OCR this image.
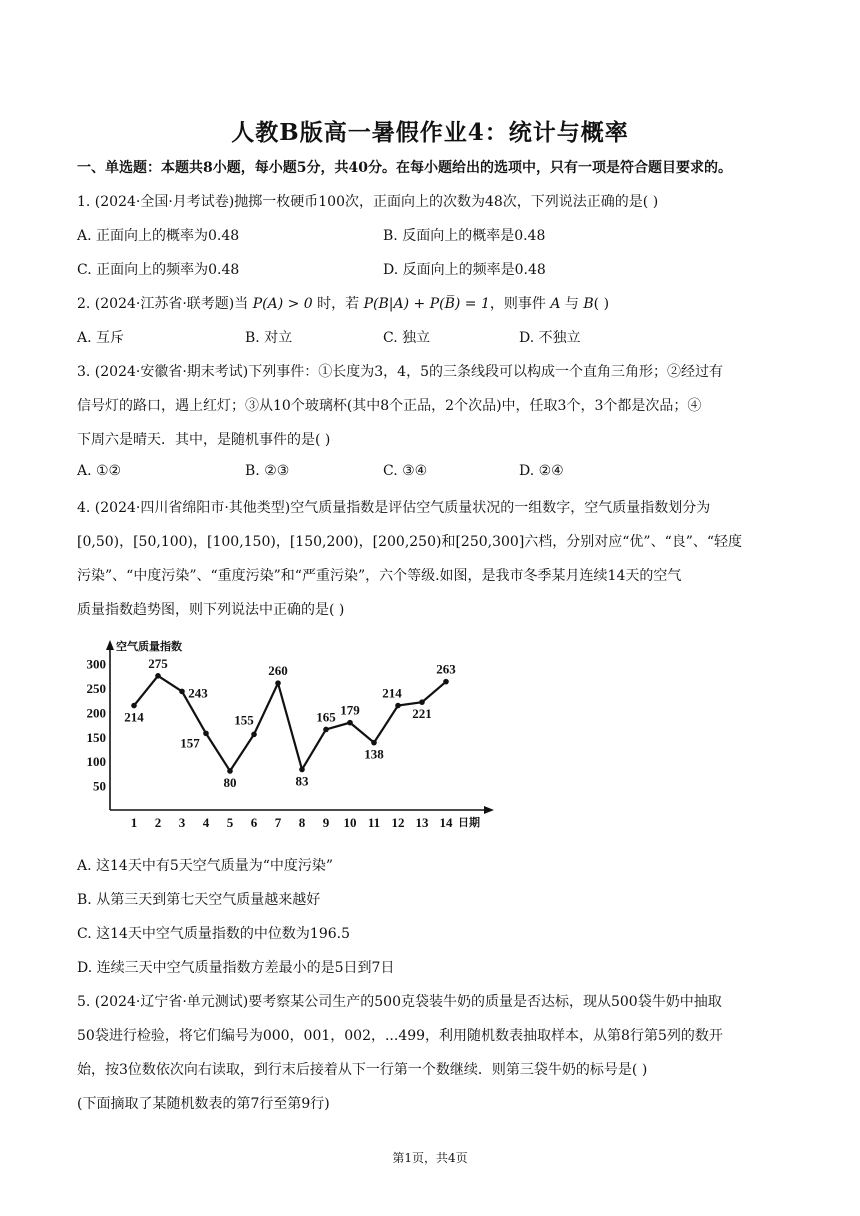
人教B版高一暑假作业4：统计与概率
一、单选题：本题共8小题，每小题5分，共40分。在每小题给出的选项中，只有一项是符合题目要求的。
1. (2024·全国·月考试卷)抛掷一枚硬币100次，正面向上的次数为48次，下列说法正确的是( )
A. 正面向上的概率为0.48	B. 反面向上的概率是0.48
C. 正面向上的频率为0.48	D. 反面向上的频率是0.48
2. (2024·江苏省·联考题)当 P(A) > 0 时，若 P(B|A) + P(B̅) = 1，则事件 A 与 B( )
A. 互斥	B. 对立	C. 独立	D. 不独立
3. (2024·安徽省·期末考试)下列事件：①长度为3，4，5的三条线段可以构成一个直角三角形；②经过有
信号灯的路口，遇上红灯；③从10个玻璃杯(其中8个正品，2个次品)中，任取3个，3个都是次品；④
下周六是晴天．其中，是随机事件的是( )
A. ①②	B. ②③	C. ③④	D. ②④
4. (2024·四川省绵阳市·其他类型)空气质量指数是评估空气质量状况的一组数字，空气质量指数划分为
[0,50)，[50,100)，[100,150)，[150,200)，[200,250)和[250,300]六档，分别对应“优”、“良”、“轻度
污染”、“中度污染”、“重度污染”和“严重污染”，六个等级.如图，是我市冬季某月连续14天的空气
质量指数趋势图，则下列说法中正确的是( )
空气质量指数
日期
50
100
150
200
250
300
1 2 3 4 5 6 7 8 9 10 11 12 13 14
214
275
243
157
80
155
260
83
165 179
138
214
221
263
A. 这14天中有5天空气质量为“中度污染”
B. 从第三天到第七天空气质量越来越好
C. 这14天中空气质量指数的中位数为196.5
D. 连续三天中空气质量指数方差最小的是5日到7日
5. (2024·辽宁省·单元测试)要考察某公司生产的500克袋装牛奶的质量是否达标，现从500袋牛奶中抽取
50袋进行检验，将它们编号为000，001，002，...499，利用随机数表抽取样本，从第8行第5列的数开
始，按3位数依次向右读取，到行末后接着从下一行第一个数继续．则第三袋牛奶的标号是( )
(下面摘取了某随机数表的第7行至第9行)
第1页，共4页
